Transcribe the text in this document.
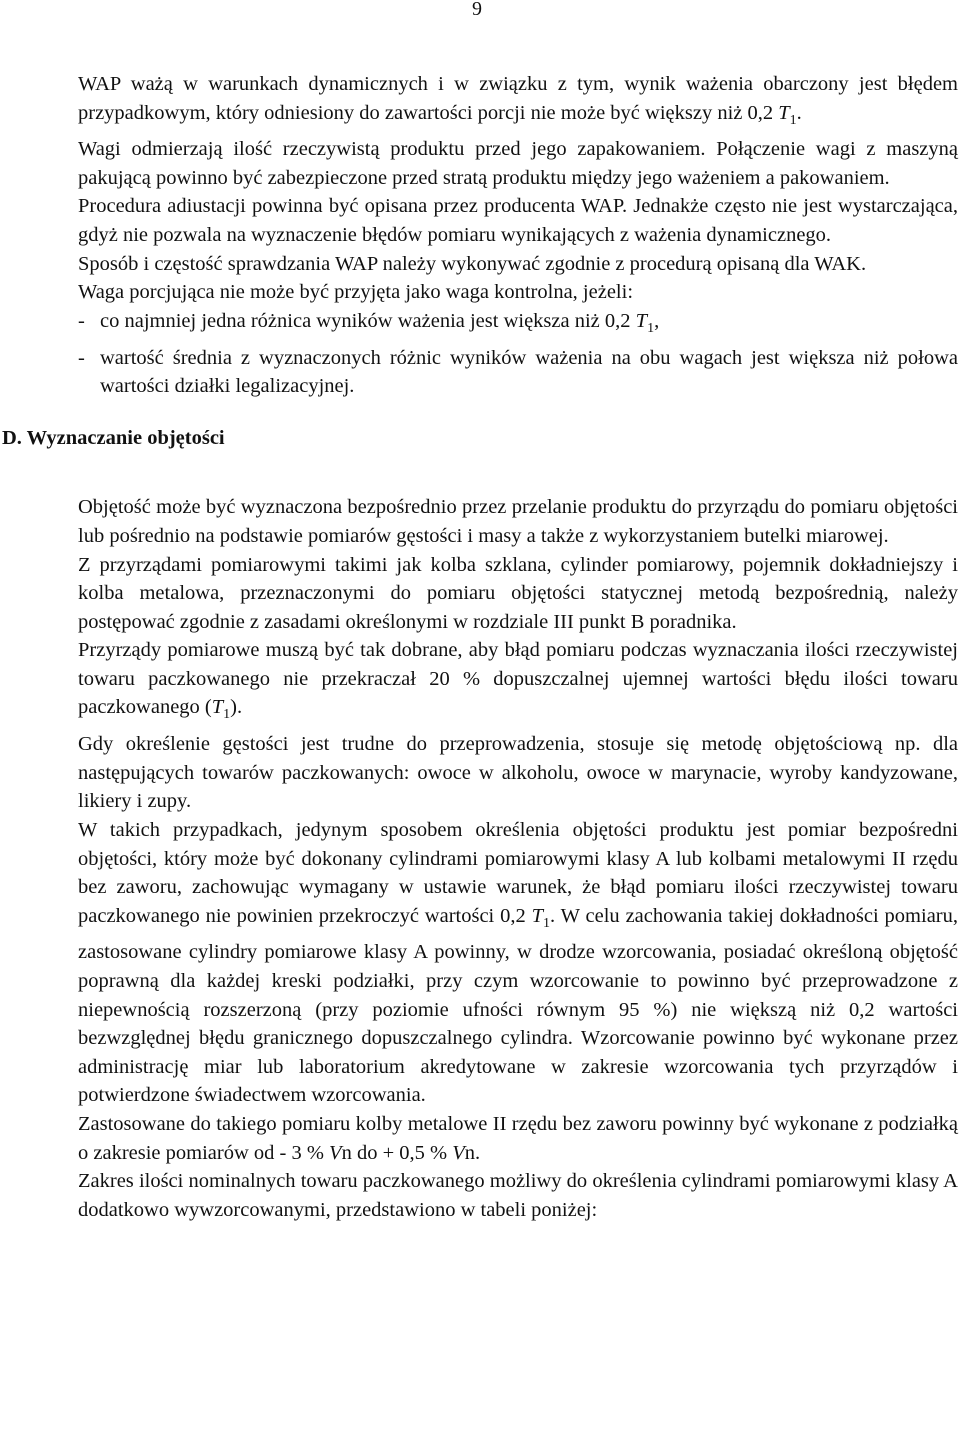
9

WAP ważą w warunkach dynamicznych i w związku z tym, wynik ważenia obarczony jest błędem przypadkowym, który odniesiony do zawartości porcji nie może być większy niż 0,2 $T_1$.

Wagi odmierzają ilość rzeczywistą produktu przed jego zapakowaniem. Połączenie wagi z maszyną pakującą powinno być zabezpieczone przed stratą produktu między jego ważeniem a pakowaniem.

Procedura adiustacji powinna być opisana przez producenta WAP. Jednakże często nie jest wystarczająca, gdyż nie pozwala na wyznaczenie błędów pomiaru wynikających z ważenia dynamicznego.

Sposób i częstość sprawdzania WAP należy wykonywać zgodnie z procedurą opisaną dla WAK.

Waga porcjująca nie może być przyjęta jako waga kontrolna, jeżeli:

- co najmniej jedna różnica wyników ważenia jest większa niż 0,2 $T_1$,

- wartość średnia z wyznaczonych różnic wyników ważenia na obu wagach jest większa niż połowa wartości działki legalizacyjnej.

D. Wyznaczanie objętości

Objętość może być wyznaczona bezpośrednio przez przelanie produktu do przyrządu do pomiaru objętości lub pośrednio na podstawie pomiarów gęstości i masy a także z wykorzystaniem butelki miarowej.

Z przyrządami pomiarowymi takimi jak kolba szklana, cylinder pomiarowy, pojemnik dokładniejszy i kolba metalowa, przeznaczonymi do pomiaru objętości statycznej metodą bezpośrednią, należy postępować zgodnie z zasadami określonymi w rozdziale III punkt B poradnika.

Przyrządy pomiarowe muszą być tak dobrane, aby błąd pomiaru podczas wyznaczania ilości rzeczywistej towaru paczkowanego nie przekraczał 20 % dopuszczalnej ujemnej wartości błędu ilości towaru paczkowanego $(T_1)$.

Gdy określenie gęstości jest trudne do przeprowadzenia, stosuje się metodę objętościową np. dla następujących towarów paczkowanych: owoce w alkoholu, owoce w marynacie, wyroby kandyzowane, likiery i zupy.

W takich przypadkach, jedynym sposobem określenia objętości produktu jest pomiar bezpośredni objętości, który może być dokonany cylindrami pomiarowymi klasy A lub kolbami metalowymi II rzędu bez zaworu, zachowując wymagany w ustawie warunek, że błąd pomiaru ilości rzeczywistej towaru paczkowanego nie powinien przekroczyć wartości 0,2 $T_1$. W celu zachowania takiej dokładności pomiaru, zastosowane cylindry pomiarowe klasy A powinny, w drodze wzorcowania, posiadać określoną objętość poprawną dla każdej kreski podziałki, przy czym wzorcowanie to powinno być przeprowadzone z niepewnością rozszerzoną (przy poziomie ufności równym 95 %) nie większą niż 0,2 wartości bezwzględnej błędu granicznego dopuszczalnego cylindra. Wzorcowanie powinno być wykonane przez administrację miar lub laboratorium akredytowane w zakresie wzorcowania tych przyrządów i potwierdzone świadectwem wzorcowania.

Zastosowane do takiego pomiaru kolby metalowe II rzędu bez zaworu powinny być wykonane z podziałką o zakresie pomiarów od - 3 % Vn do + 0,5 % Vn.

Zakres ilości nominalnych towaru paczkowanego możliwy do określenia cylindrami pomiarowymi klasy A dodatkowo wywzorcowanymi, przedstawiono w tabeli poniżej:
